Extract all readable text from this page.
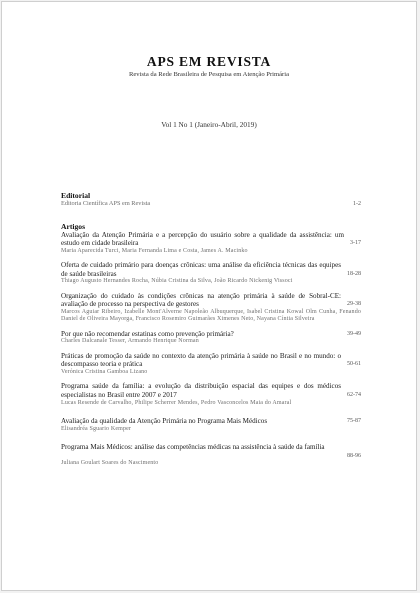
APS EM REVISTA
Revista da Rede Brasileira de Pesquisa em Atenção Primária
Vol 1 No 1 (Janeiro-Abril, 2019)
Editorial
1-2
Editoria Científica APS em Revista
Artigos
3-17
Avaliação da Atenção Primária e a percepção do usuário sobre a qualidade da assistência: um estudo em cidade brasileira
Maria Aparecida Turci, Maria Fernanda Lima e Costa, James A. Macinko
18-28
Oferta de cuidado primário para doenças crônicas: uma análise da eficiência técnicas das equipes de saúde brasileiras
Thiago Augusto Hernandes Rocha, Núbia Cristina da Silva, João Ricardo Nickenig Vissoci
29-38
Organização do cuidado às condições crônicas na atenção primária à saúde de Sobral-CE: avaliação de processo na perspectiva de gestores
Marcos Aguiar Ribeiro, Izabelle Mont'Alverne Napoleão Albuquerque, Isabel Cristina Kowal Olm Cunha, Fenando Daniel de Oliveira Mayorga, Francisco Rosemiro Guimarães Ximenes Neto, Nayana Cíntia Silveira
39-49
Por que não recomendar estatinas como prevenção primária?
Charles Dalcanale Tesser, Armando Henrique Norman
50-61
Práticas de promoção da saúde no contexto da atenção primária à saúde no Brasil e no mundo: o descompasso teoria e prática
Verónica Cristina Gamboa Lizano
62-74
Programa saúde da família: a evolução da distribuição espacial das equipes e dos médicos especialistas no Brasil entre 2007 e 2017
Lucas Resende de Carvalho, Philipe Scherrer Mendes, Pedro Vasconcelos Maia do Amaral
75-87
Avaliação da qualidade da Atenção Primária no Programa Mais Médicos
Elisandréa Sguario Kemper
88-96
Programa Mais Médicos: análise das competências médicas na assistência à saúde da família
Juliana Goulart Soares do Nascimento
